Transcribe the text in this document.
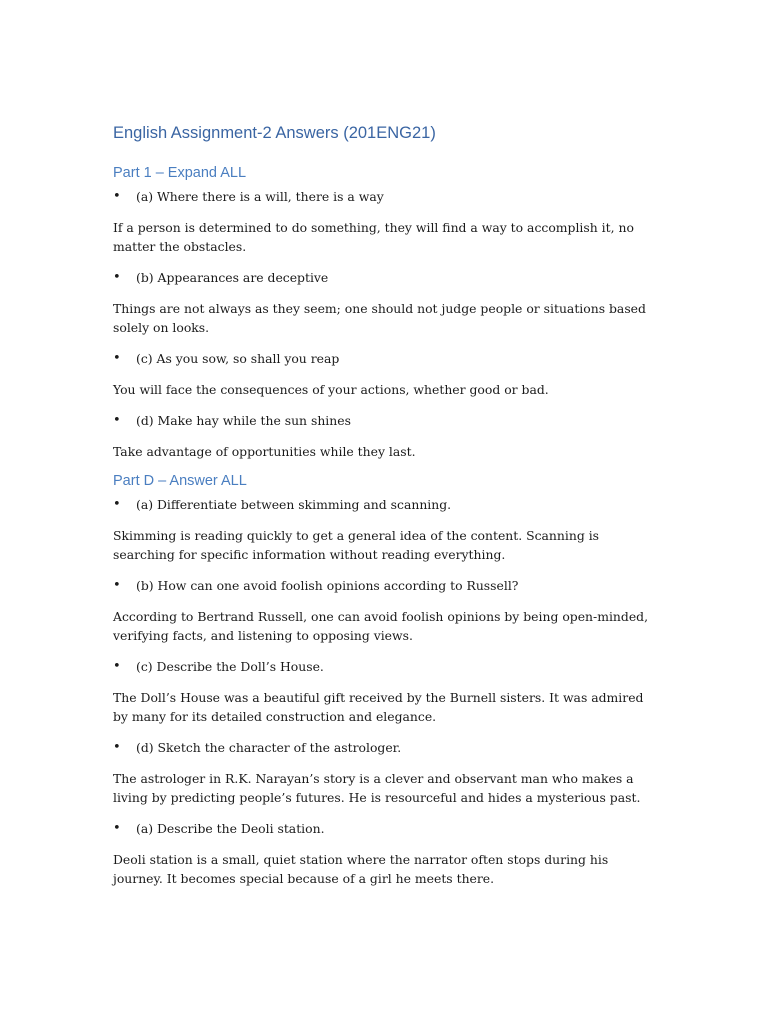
English Assignment-2 Answers (201ENG21)
Part 1 – Expand ALL
• (a) Where there is a will, there is a way

If a person is determined to do something, they will find a way to accomplish it, no matter the obstacles.

• (b) Appearances are deceptive

Things are not always as they seem; one should not judge people or situations based solely on looks.

• (c) As you sow, so shall you reap

You will face the consequences of your actions, whether good or bad.

• (d) Make hay while the sun shines

Take advantage of opportunities while they last.

Part D – Answer ALL
• (a) Differentiate between skimming and scanning.

Skimming is reading quickly to get a general idea of the content. Scanning is searching for specific information without reading everything.

• (b) How can one avoid foolish opinions according to Russell?

According to Bertrand Russell, one can avoid foolish opinions by being open-minded, verifying facts, and listening to opposing views.

• (c) Describe the Doll’s House.

The Doll’s House was a beautiful gift received by the Burnell sisters. It was admired by many for its detailed construction and elegance.

• (d) Sketch the character of the astrologer.

The astrologer in R.K. Narayan’s story is a clever and observant man who makes a living by predicting people’s futures. He is resourceful and hides a mysterious past.

• (a) Describe the Deoli station.

Deoli station is a small, quiet station where the narrator often stops during his journey. It becomes special because of a girl he meets there.
